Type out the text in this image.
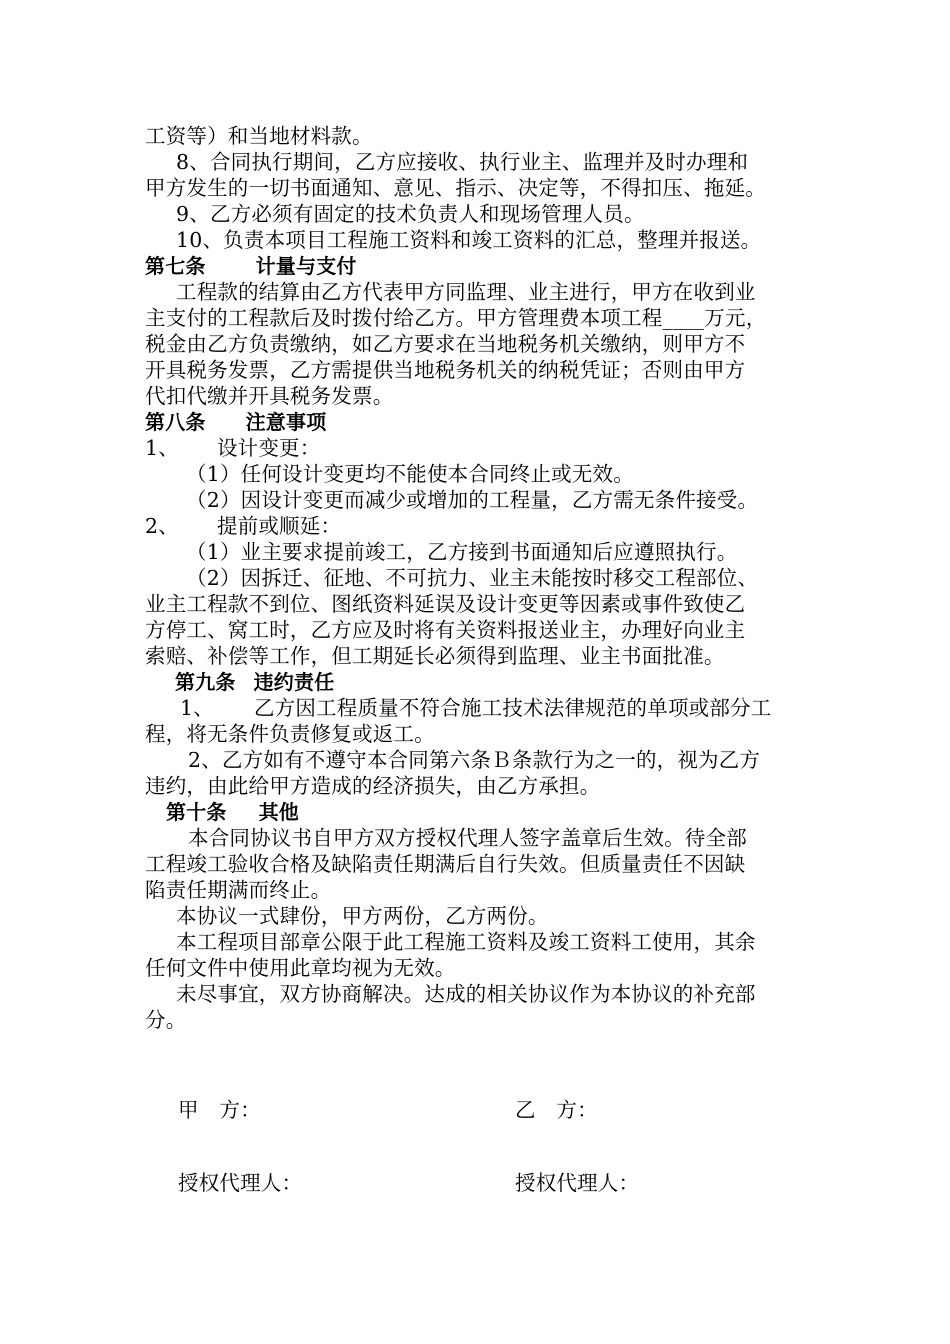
工资等）和当地材料款。
8、合同执行期间，乙方应接收、执行业主、监理并及时办理和
甲方发生的一切书面通知、意见、指示、决定等，不得扣压、拖延。
9、乙方必须有固定的技术负责人和现场管理人员。
10、负责本项目工程施工资料和竣工资料的汇总，整理并报送。
第七条	计量与支付
工程款的结算由乙方代表甲方同监理、业主进行，甲方在收到业
主支付的工程款后及时拨付给乙方。甲方管理费本项工程____万元，
税金由乙方负责缴纳，如乙方要求在当地税务机关缴纳，则甲方不
开具税务发票，乙方需提供当地税务机关的纳税凭证；否则由甲方
代扣代缴并开具税务发票。
第八条 注意事项
1、 设计变更：
（1）任何设计变更均不能使本合同终止或无效。
（2）因设计变更而减少或增加的工程量，乙方需无条件接受。
2、 提前或顺延：
（1）业主要求提前竣工，乙方接到书面通知后应遵照执行。
（2）因拆迁、征地、不可抗力、业主未能按时移交工程部位、
业主工程款不到位、图纸资料延误及设计变更等因素或事件致使乙
方停工、窝工时，乙方应及时将有关资料报送业主，办理好向业主
索赔、补偿等工作，但工期延长必须得到监理、业主书面批准。
第九条 违约责任
1、 乙方因工程质量不符合施工技术法律规范的单项或部分工
程，将无条件负责修复或返工。
2、乙方如有不遵守本合同第六条Ｂ条款行为之一的，视为乙方
违约，由此给甲方造成的经济损失，由乙方承担。
第十条 其他
本合同协议书自甲方双方授权代理人签字盖章后生效。待全部
工程竣工验收合格及缺陷责任期满后自行失效。但质量责任不因缺
陷责任期满而终止。
本协议一式肆份，甲方两份，乙方两份。
本工程项目部章公限于此工程施工资料及竣工资料工使用，其余
任何文件中使用此章均视为无效。
未尽事宜，双方协商解决。达成的相关协议作为本协议的补充部
分。
甲　方：	乙　方：
授权代理人：	授权代理人：
